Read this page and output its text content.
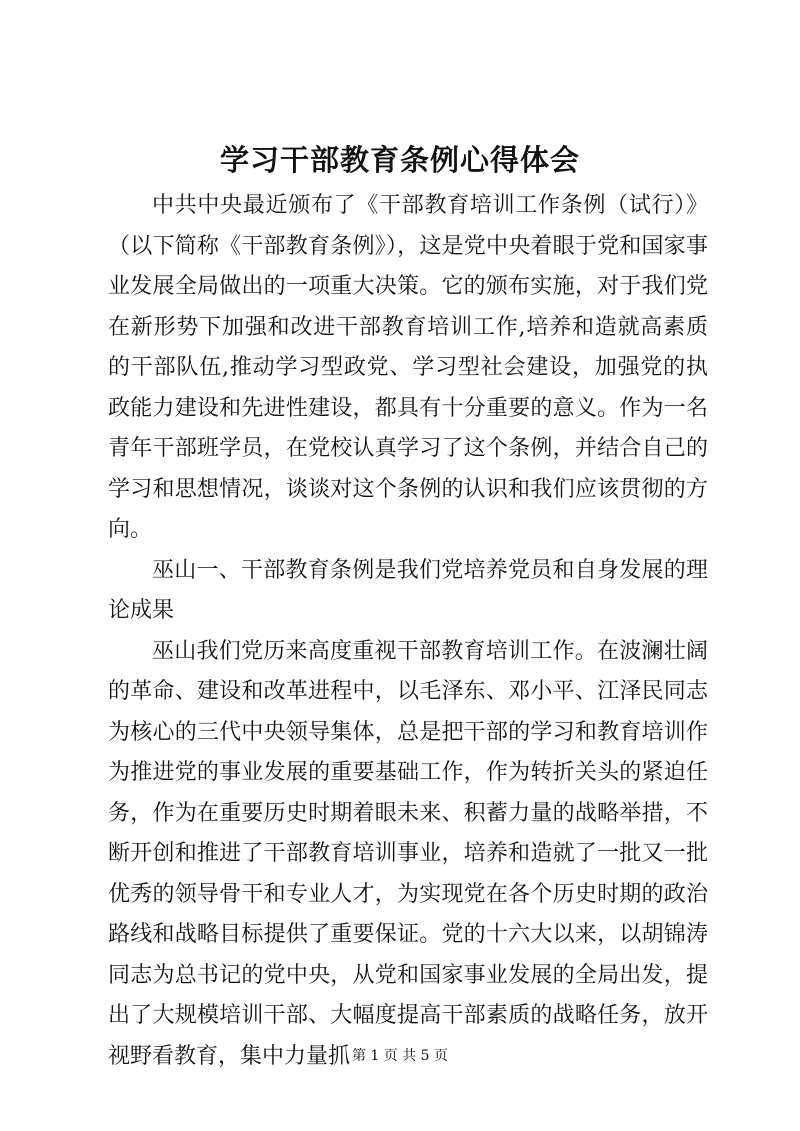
学习干部教育条例心得体会

中共中央最近颁布了《干部教育培训工作条例（试行）》（以下简称《干部教育条例》），这是党中央着眼于党和国家事业发展全局做出的一项重大决策。它的颁布实施，对于我们党在新形势下加强和改进干部教育培训工作,培养和造就高素质的干部队伍,推动学习型政党、学习型社会建设，加强党的执政能力建设和先进性建设，都具有十分重要的意义。作为一名青年干部班学员，在党校认真学习了这个条例，并结合自己的学习和思想情况，谈谈对这个条例的认识和我们应该贯彻的方向。

巫山一、干部教育条例是我们党培养党员和自身发展的理论成果

巫山我们党历来高度重视干部教育培训工作。在波澜壮阔的革命、建设和改革进程中，以毛泽东、邓小平、江泽民同志为核心的三代中央领导集体，总是把干部的学习和教育培训作为推进党的事业发展的重要基础工作，作为转折关头的紧迫任务，作为在重要历史时期着眼未来、积蓄力量的战略举措，不断开创和推进了干部教育培训事业，培养和造就了一批又一批优秀的领导骨干和专业人才，为实现党在各个历史时期的政治路线和战略目标提供了重要保证。党的十六大以来，以胡锦涛同志为总书记的党中央，从党和国家事业发展的全局出发，提出了大规模培训干部、大幅度提高干部素质的战略任务，放开视野看教育，集中力量抓 第 1 页 共 5 页
